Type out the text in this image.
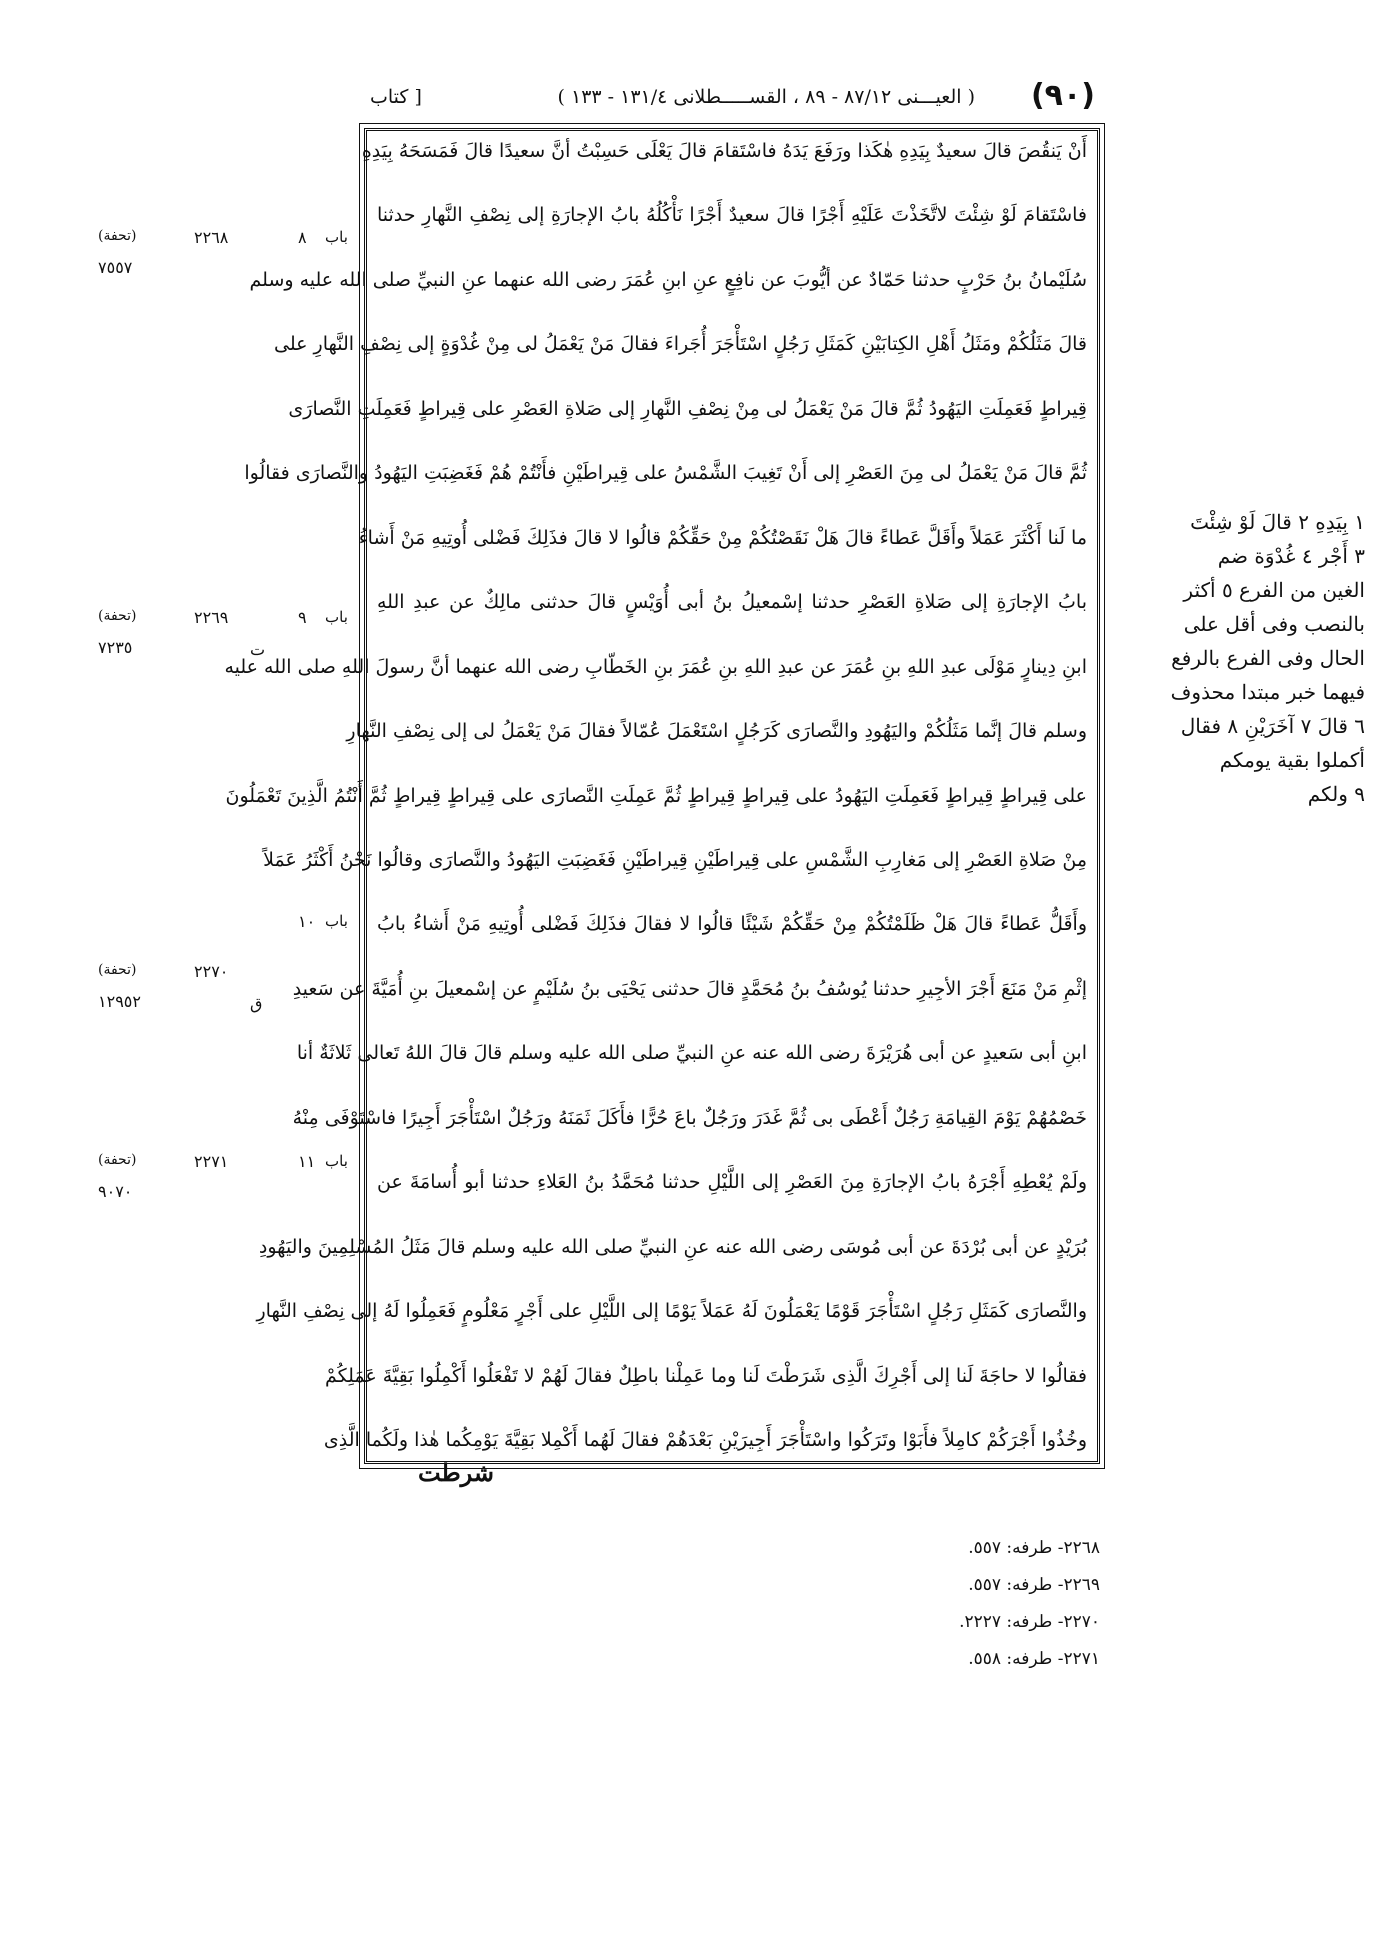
(٩٠)
( العيـــنى ٨٧/١٢ - ٨٩ ، القســـــطلانى ١٣١/٤ - ١٣٣ )
[ كتاب
أَنْ يَنقُصَ قالَ سعيدٌ بِيَدِهِ هٰكَذا ورَفَعَ يَدَهُ فاسْتَقامَ قالَ يَعْلَى حَسِبْتُ أنَّ سعيدًا قالَ فَمَسَحَهُ بِيَدِهِ
فاسْتَقامَ لَوْ شِئْتَ لاتَّخَذْتَ عَلَيْهِ أَجْرًا قالَ سعيدٌ أَجْرًا نَأْكُلُهُ بابُ الإجارَةِ إلى نِصْفِ النَّهارِ حدثنا
سُلَيْمانُ بنُ حَرْبٍ حدثنا حَمّادٌ عن أيُّوبَ عن نافِعٍ عنِ ابنِ عُمَرَ رضى الله عنهما عنِ النبيِّ صلى الله عليه وسلم
قالَ مَثَلُكُمْ ومَثَلُ أَهْلِ الكِتابَيْنِ كَمَثَلِ رَجُلٍ اسْتَأْجَرَ أُجَراءَ فقالَ مَنْ يَعْمَلُ لى مِنْ غُدْوَةٍ إلى نِصْفِ النَّهارِ على
قِيراطٍ فَعَمِلَتِ اليَهُودُ ثُمَّ قالَ مَنْ يَعْمَلُ لى مِنْ نِصْفِ النَّهارِ إلى صَلاةِ العَصْرِ على قِيراطٍ فَعَمِلَتِ النَّصارَى
ثُمَّ قالَ مَنْ يَعْمَلُ لى مِنَ العَصْرِ إلى أَنْ تَغِيبَ الشَّمْسُ على قِيراطَيْنِ فأَنْتُمْ هُمْ فَغَضِبَتِ اليَهُودُ والنَّصارَى فقالُوا
ما لَنا أَكْثَرَ عَمَلاً وأَقَلَّ عَطاءً قالَ هَلْ نَقَصْتُكُمْ مِنْ حَقِّكُمْ قالُوا لا قالَ فذَلِكَ فَضْلى أُوتِيهِ مَنْ أَشاءُ
بابُ الإجارَةِ إلى صَلاةِ العَصْرِ حدثنا إسْمعيلُ بنُ أبى أُوَيْسٍ قالَ حدثنى مالِكٌ عن عبدِ اللهِ
ابنِ دِينارٍ مَوْلَى عبدِ اللهِ بنِ عُمَرَ عن عبدِ اللهِ بنِ عُمَرَ بنِ الخَطّابِ رضى الله عنهما أنَّ رسولَ اللهِ صلى الله عليه
وسلم قالَ إنَّما مَثَلُكُمْ واليَهُودِ والنَّصارَى كَرَجُلٍ اسْتَعْمَلَ عُمّالاً فقالَ مَنْ يَعْمَلُ لى إلى نِصْفِ النَّهارِ
على قِيراطٍ قِيراطٍ فَعَمِلَتِ اليَهُودُ على قِيراطٍ قِيراطٍ ثُمَّ عَمِلَتِ النَّصارَى على قِيراطٍ قِيراطٍ ثُمَّ أَنْتُمُ الَّذِينَ تَعْمَلُونَ
مِنْ صَلاةِ العَصْرِ إلى مَغارِبِ الشَّمْسِ على قِيراطَيْنِ قِيراطَيْنِ فَغَضِبَتِ اليَهُودُ والنَّصارَى وقالُوا نَحْنُ أَكْثَرُ عَمَلاً
وأَقَلُّ عَطاءً قالَ هَلْ ظَلَمْتُكُمْ مِنْ حَقِّكُمْ شَيْئًا قالُوا لا فقالَ فذَلِكَ فَضْلى أُوتِيهِ مَنْ أَشاءُ بابُ
إثْمِ مَنْ مَنَعَ أَجْرَ الأجِيرِ حدثنا يُوسُفُ بنُ مُحَمَّدٍ قالَ حدثنى يَحْيَى بنُ سُلَيْمٍ عن إسْمعيلَ بنِ أُمَيَّةَ عن سَعيدِ
ابنِ أبى سَعيدٍ عن أبى هُرَيْرَةَ رضى الله عنه عنِ النبيِّ صلى الله عليه وسلم قالَ قالَ اللهُ تَعالى ثَلاثَةٌ أنا
خَصْمُهُمْ يَوْمَ القِيامَةِ رَجُلٌ أَعْطَى بى ثُمَّ غَدَرَ ورَجُلٌ باعَ حُرًّا فأَكَلَ ثَمَنَهُ ورَجُلٌ اسْتَأْجَرَ أَجِيرًا فاسْتَوْفَى مِنْهُ
ولَمْ يُعْطِهِ أَجْرَهُ بابُ الإجارَةِ مِنَ العَصْرِ إلى اللَّيْلِ حدثنا مُحَمَّدُ بنُ العَلاءِ حدثنا أبو أُسامَةَ عن
بُرَيْدٍ عن أبى بُرْدَةَ عن أبى مُوسَى رضى الله عنه عنِ النبيِّ صلى الله عليه وسلم قالَ مَثَلُ المُسْلِمِينَ واليَهُودِ
والنَّصارَى كَمَثَلِ رَجُلٍ اسْتَأْجَرَ قَوْمًا يَعْمَلُونَ لَهُ عَمَلاً يَوْمًا إلى اللَّيْلِ على أَجْرٍ مَعْلُومٍ فَعَمِلُوا لَهُ إلى نِصْفِ النَّهارِ
فقالُوا لا حاجَةَ لَنا إلى أَجْرِكَ الَّذِى شَرَطْتَ لَنا وما عَمِلْنا باطِلٌ فقالَ لَهُمْ لا تَفْعَلُوا أَكْمِلُوا بَقِيَّةَ عَمَلِكُمْ
وخُذُوا أَجْرَكُمْ كامِلاً فأَبَوْا وتَرَكُوا واسْتَأْجَرَ أَجِيرَيْنِ بَعْدَهُمْ فقالَ لَهُما أَكْمِلا بَقِيَّةَ يَوْمِكُما هٰذا ولَكُما الَّذِى
شرطت
باب
٨
٢٢٦٨
(تحفة)
٧٥٥٧
باب
٩
٢٢٦٩
ت
(تحفة)
٧٢٣٥
باب
١٠
٢٢٧٠
ق
(تحفة)
١٢٩٥٢
باب
١١
٢٢٧١
(تحفة)
٩٠٧٠
١ بِيَدِهِ ٢ قالَ لَوْ شِئْتَ
٣ أَجْر ٤ غُدْوَة ضم
الغين من الفرع ٥ أكثر
بالنصب وفى أقل على
الحال وفى الفرع بالرفع
فيهما خبر مبتدا محذوف
٦ قالَ ٧ آخَرَيْنِ ٨ فقال
أكملوا بقية يومكم
٩ ولكم
٢٢٦٨- طرفه: ٥٥٧.
٢٢٦٩- طرفه: ٥٥٧.
٢٢٧٠- طرفه: ٢٢٢٧.
٢٢٧١- طرفه: ٥٥٨.
